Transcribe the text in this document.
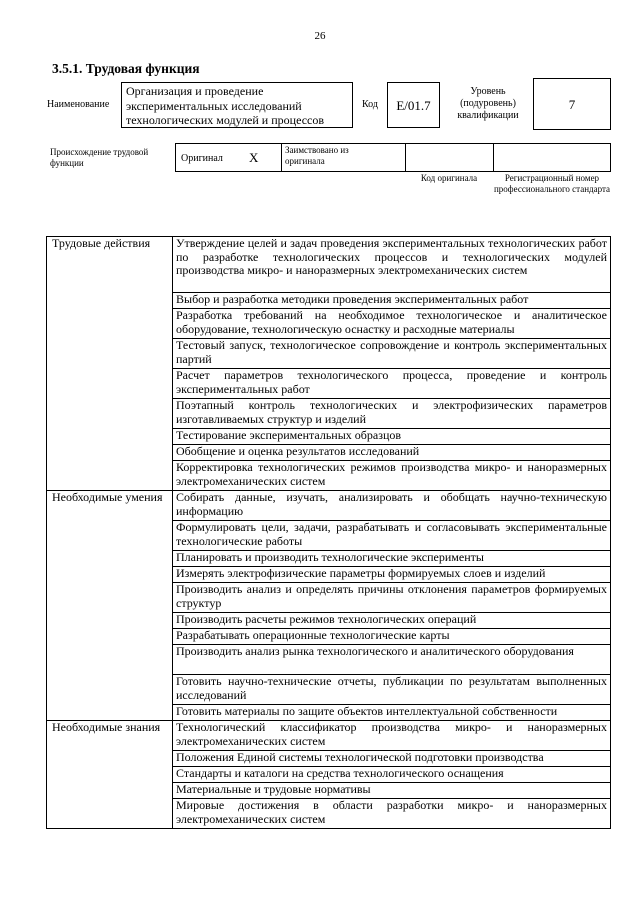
26
3.5.1. Трудовая функция
Наименование
Организация и проведение экспериментальных исследований технологических модулей и процессов
Код	E/01.7
Уровень (подуровень) квалификации
7
Происхождение трудовой функции	Оригинал X	Заимствовано из оригинала
Код оригинала	Регистрационный номер профессионального стандарта
Трудовые действия	Утверждение целей и задач проведения экспериментальных технологических работ по разработке технологических процессов и технологических модулей производства микро- и наноразмерных электромеханических систем
	Выбор и разработка методики проведения экспериментальных работ
	Разработка требований на необходимое технологическое и аналитическое оборудование, технологическую оснастку и расходные материалы
	Тестовый запуск, технологическое сопровождение и контроль экспериментальных партий
	Расчет параметров технологического процесса, проведение и контроль экспериментальных работ
	Поэтапный контроль технологических и электрофизических параметров изготавливаемых структур и изделий
	Тестирование экспериментальных образцов
	Обобщение и оценка результатов исследований
	Корректировка технологических режимов производства микро- и наноразмерных электромеханических систем
Необходимые умения	Собирать данные, изучать, анализировать и обобщать научно-техническую информацию
	Формулировать цели, задачи, разрабатывать и согласовывать экспериментальные технологические работы
	Планировать и производить технологические эксперименты
	Измерять электрофизические параметры формируемых слоев и изделий
	Производить анализ и определять причины отклонения параметров формируемых структур
	Производить расчеты режимов технологических операций
	Разрабатывать операционные технологические карты
	Производить анализ рынка технологического и аналитического оборудования
	Готовить научно-технические отчеты, публикации по результатам выполненных исследований
	Готовить материалы по защите объектов интеллектуальной собственности
Необходимые знания	Технологический классификатор производства микро- и наноразмерных электромеханических систем
	Положения Единой системы технологической подготовки производства
	Стандарты и каталоги на средства технологического оснащения
	Материальные и трудовые нормативы
	Мировые достижения в области разработки микро- и наноразмерных электромеханических систем
